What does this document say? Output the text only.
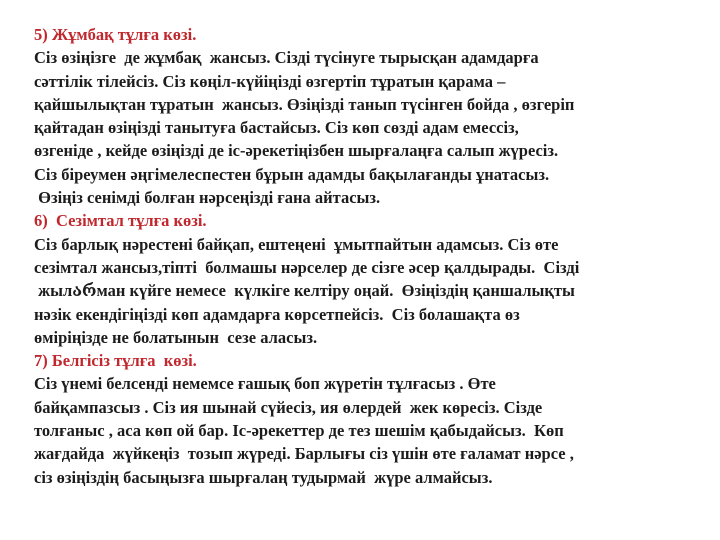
5) Жұмбақ тұлға көзі.
Сіз өзіңізге  де жұмбақ  жансыз. Сізді түсінуге тырысқан адамдарға
сәттілік тілейсіз. Сіз көңіл-күйіңізді өзгертіп тұратын қарама –
қайшылықтан тұратын  жансыз. Өзіңізді танып түсінген бойда , өзгеріп
қайтадан өзіңізді танытуға бастайсыз. Сіз көп сөзді адам емессіз,
өзгеніде , кейде өзіңізді де іс-әрекетіңізбен шырғалаңға салып жүресіз.
Сіз біреумен әңгімелеспестен бұрын адамды бақылағанды ұнатасыз.
Өзіңіз сенімді болған нәрсеңізді ғана айтасыз.
6)  Сезімтал тұлға көзі.
Сіз барлық нәрестені байқап, ештеңені  ұмытпайтын адамсыз. Сіз өте
сезімтал жансыз,тіпті  болмашы нәрселер де сізге әсер қалдырады.  Сізді
жылარман күйге немесе  күлкіге келтіру оңай.  Өзіңіздің қаншалықты
нәзік екендігіңізді көп адамдарға көрсетпейсіз.  Сіз болашақта өз
өміріңізде не болатынын  сезе аласыз.
7) Белгісіз тұлға  көзі.
Сіз үнемі белсенді немемсе ғашық боп жүретін тұлғасыз . Өте
байқампазсыз . Сіз ия шынай сүйесіз, ия өлердей  жек көресіз. Сізде
толғаныс , аса көп ой бар. Іс-әрекеттер де тез шешім қабыдайсыз.  Көп
жағдайда  жүйкеңіз  тозып жүреді. Барлығы сіз үшін өте ғаламат нәрсе ,
сіз өзіңіздің басыңызға шырғалаң тудырмай  жүре алмайсыз.
